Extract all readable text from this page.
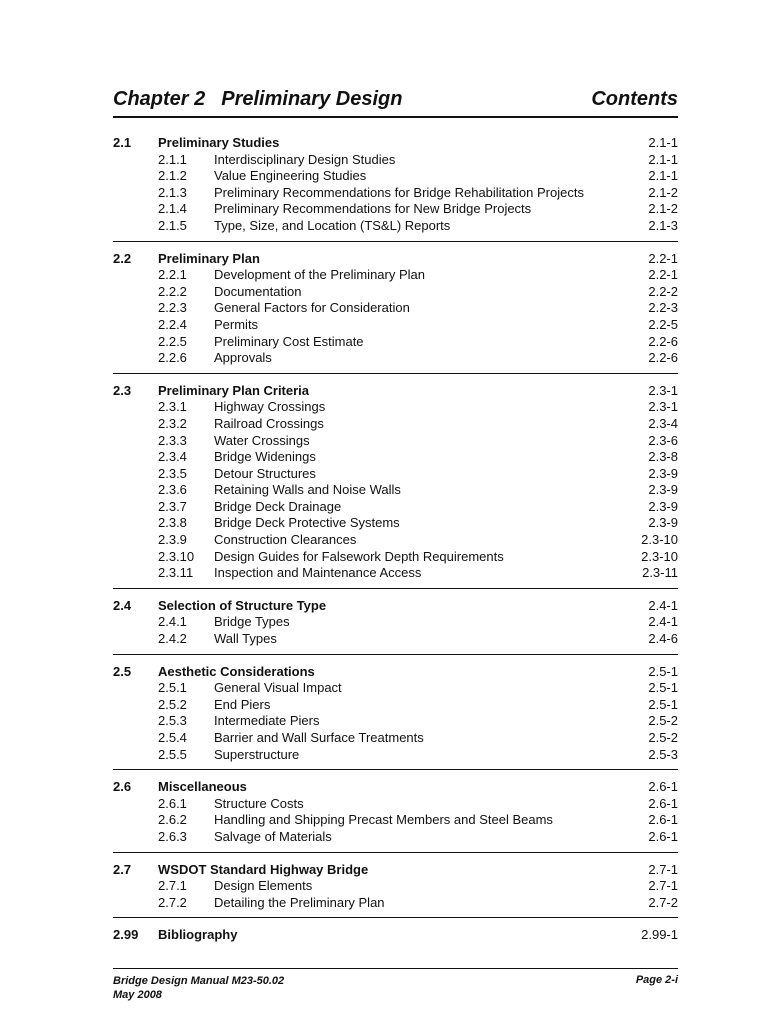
Chapter 2 Preliminary Design	Contents
2.1 Preliminary Studies	2.1-1
2.1.1 Interdisciplinary Design Studies	2.1-1
2.1.2 Value Engineering Studies	2.1-1
2.1.3 Preliminary Recommendations for Bridge Rehabilitation Projects	2.1-2
2.1.4 Preliminary Recommendations for New Bridge Projects	2.1-2
2.1.5 Type, Size, and Location (TS&L) Reports	2.1-3
2.2 Preliminary Plan	2.2-1
2.2.1 Development of the Preliminary Plan	2.2-1
2.2.2 Documentation	2.2-2
2.2.3 General Factors for Consideration	2.2-3
2.2.4 Permits	2.2-5
2.2.5 Preliminary Cost Estimate	2.2-6
2.2.6 Approvals	2.2-6
2.3 Preliminary Plan Criteria	2.3-1
2.3.1 Highway Crossings	2.3-1
2.3.2 Railroad Crossings	2.3-4
2.3.3 Water Crossings	2.3-6
2.3.4 Bridge Widenings	2.3-8
2.3.5 Detour Structures	2.3-9
2.3.6 Retaining Walls and Noise Walls	2.3-9
2.3.7 Bridge Deck Drainage	2.3-9
2.3.8 Bridge Deck Protective Systems	2.3-9
2.3.9 Construction Clearances	2.3-10
2.3.10 Design Guides for Falsework Depth Requirements	2.3-10
2.3.11 Inspection and Maintenance Access	2.3-11
2.4 Selection of Structure Type	2.4-1
2.4.1 Bridge Types	2.4-1
2.4.2 Wall Types	2.4-6
2.5 Aesthetic Considerations	2.5-1
2.5.1 General Visual Impact	2.5-1
2.5.2 End Piers	2.5-1
2.5.3 Intermediate Piers	2.5-2
2.5.4 Barrier and Wall Surface Treatments	2.5-2
2.5.5 Superstructure	2.5-3
2.6 Miscellaneous	2.6-1
2.6.1 Structure Costs	2.6-1
2.6.2 Handling and Shipping Precast Members and Steel Beams	2.6-1
2.6.3 Salvage of Materials	2.6-1
2.7 WSDOT Standard Highway Bridge	2.7-1
2.7.1 Design Elements	2.7-1
2.7.2 Detailing the Preliminary Plan	2.7-2
2.99 Bibliography	2.99-1
Bridge Design Manual M23-50.02
May 2008
Page 2-i
